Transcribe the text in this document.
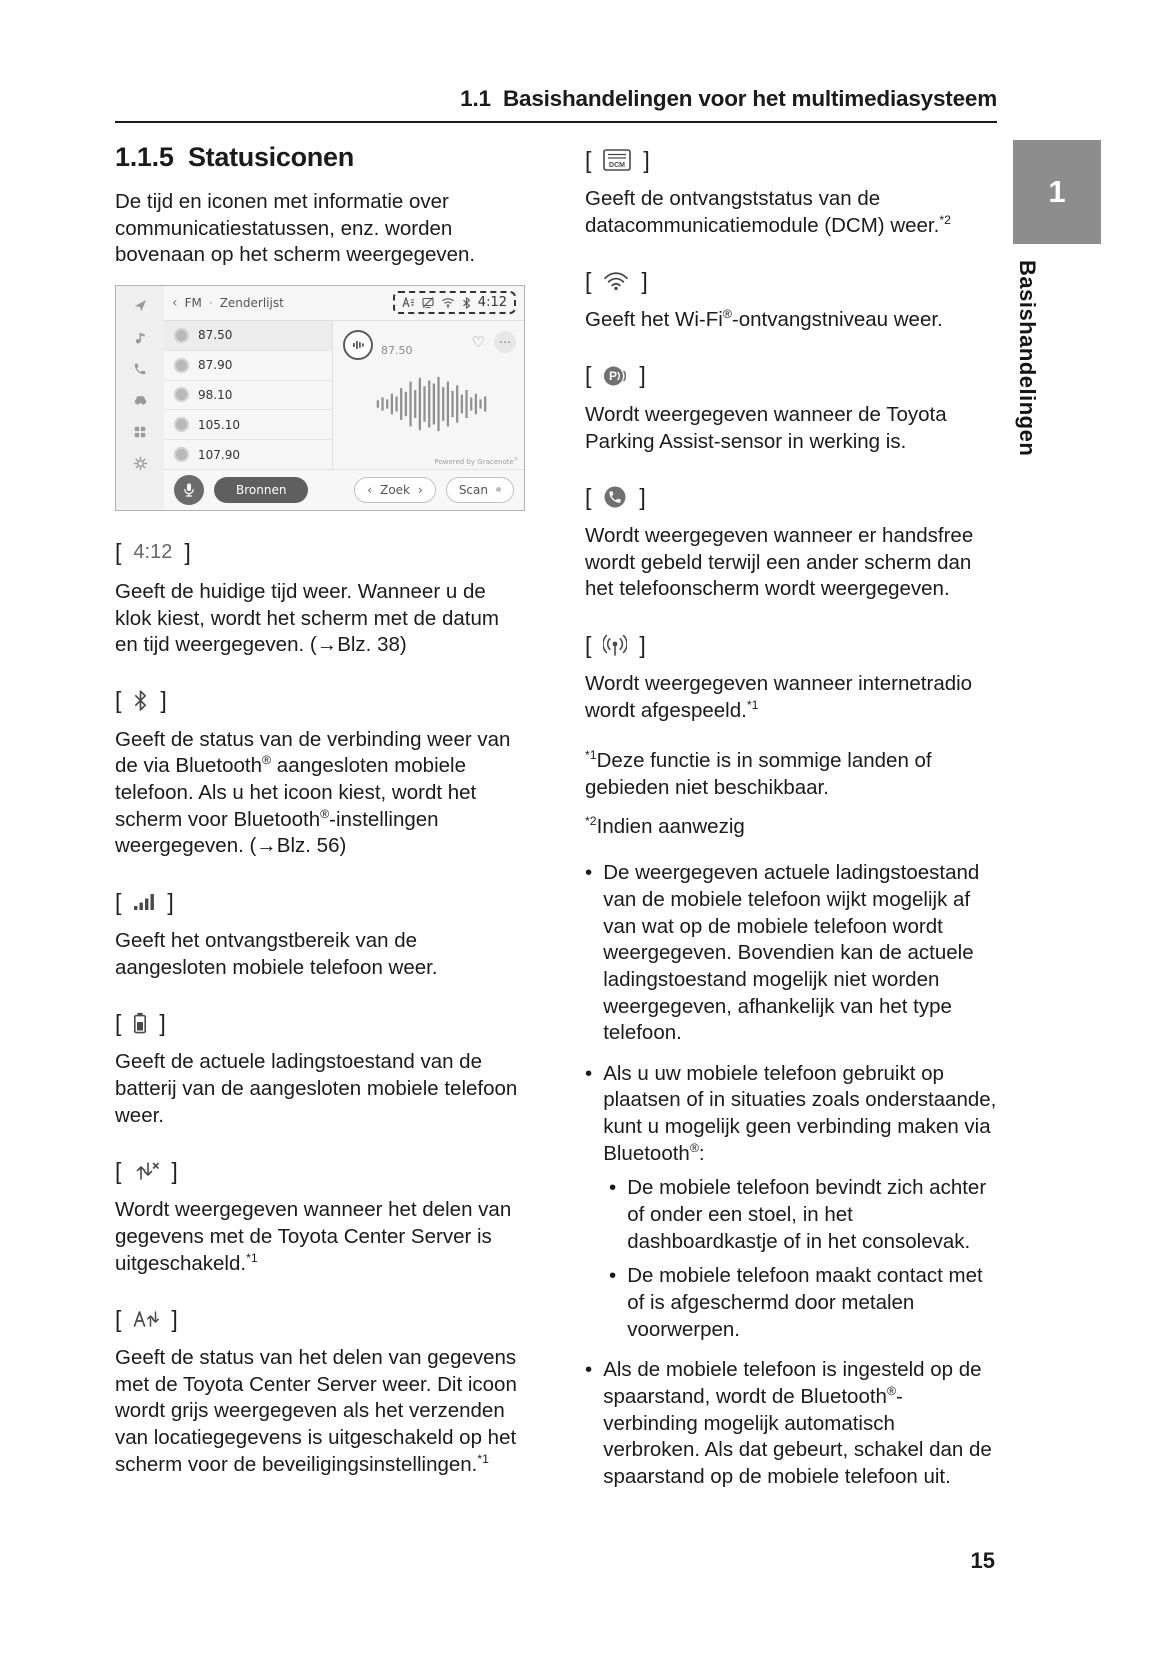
1.1  Basishandelingen voor het multimediasysteem
1
Basishandelingen
15
1.1.5  Statusiconen

De tijd en iconen met informatie over communicatiestatussen, enz. worden bovenaan op het scherm weergegeven.

‹ FM · Zenderlijst	4:12
87.50
87.90
98.10
105.10
107.90
87.50	♡	⋯
Powered by Gracenote®
Bronnen	‹ Zoek ›	Scan
[ 4:12 ]

Geeft de huidige tijd weer. Wanneer u de klok kiest, wordt het scherm met de datum en tijd weergegeven. (→Blz. 38)

[ ]

Geeft de status van de verbinding weer van de via Bluetooth® aangesloten mobiele telefoon. Als u het icoon kiest, wordt het scherm voor Bluetooth®-instellingen weergegeven. (→Blz. 56)

[ ]

Geeft het ontvangstbereik van de aangesloten mobiele telefoon weer.

[ ]

Geeft de actuele ladingstoestand van de batterij van de aangesloten mobiele telefoon weer.

[ ]

Wordt weergegeven wanneer het delen van gegevens met de Toyota Center Server is uitgeschakeld.$^{*1}$

[ ]

Geeft de status van het delen van gegevens met de Toyota Center Server weer. Dit icoon wordt grijs weergegeven als het verzenden van locatiegegevens is uitgeschakeld op het scherm voor de beveiligingsinstellingen.$^{*1}$

[	DCM ]

Geeft de ontvangststatus van de datacommunicatiemodule (DCM) weer.$^{*2}$

[ ]

Geeft het Wi-Fi®-ontvangstniveau weer.

[ P ]

Wordt weergegeven wanneer de Toyota Parking Assist-sensor in werking is.

[ ]

Wordt weergegeven wanneer er handsfree wordt gebeld terwijl een ander scherm dan het telefoonscherm wordt weergegeven.

[ ]

Wordt weergegeven wanneer internetradio wordt afgespeeld.$^{*1}$

$^{*1}$Deze functie is in sommige landen of gebieden niet beschikbaar.

$^{*2}$Indien aanwezig

• De weergegeven actuele ladingstoestand van de mobiele telefoon wijkt mogelijk af van wat op de mobiele telefoon wordt weergegeven. Bovendien kan de actuele ladingstoestand mogelijk niet worden weergegeven, afhankelijk van het type telefoon.
• Als u uw mobiele telefoon gebruikt op plaatsen of in situaties zoals onderstaande, kunt u mogelijk geen verbinding maken via Bluetooth®:
• De mobiele telefoon bevindt zich achter of onder een stoel, in het dashboardkastje of in het consolevak.
• De mobiele telefoon maakt contact met of is afgeschermd door metalen voorwerpen.
• Als de mobiele telefoon is ingesteld op de spaarstand, wordt de Bluetooth®-verbinding mogelijk automatisch verbroken. Als dat gebeurt, schakel dan de spaarstand op de mobiele telefoon uit.
